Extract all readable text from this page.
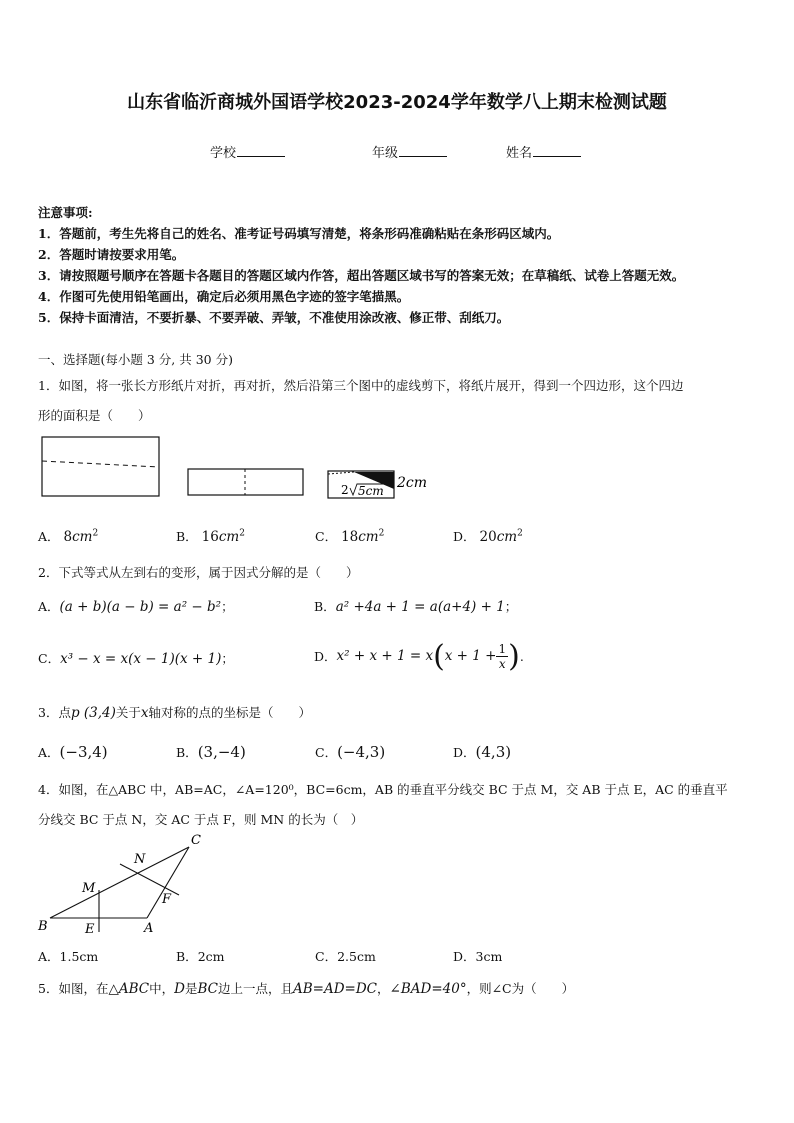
山东省临沂商城外国语学校2023-2024学年数学八上期末检测试题
学校	年级	姓名
注意事项:
1．答题前，考生先将自己的姓名、准考证号码填写清楚，将条形码准确粘贴在条形码区域内。
2．答题时请按要求用笔。
3．请按照题号顺序在答题卡各题目的答题区域内作答，超出答题区域书写的答案无效；在草稿纸、试卷上答题无效。
4．作图可先使用铅笔画出，确定后必须用黑色字迹的签字笔描黑。
5．保持卡面清洁，不要折暴、不要弄破、弄皱，不准使用涂改液、修正带、刮纸刀。
一、选择题(每小题 3 分, 共 30 分)
1．如图，将一张长方形纸片对折，再对折，然后沿第三个图中的虚线剪下，将纸片展开，得到一个四边形，这个四边
形的面积是（　　）
2cm
2 5cm
A． $8cm^2$	B． $16cm^2$	C． $18cm^2$	D． $20cm^2$
2．下式等式从左到右的变形，属于因式分解的是（　　）
A．(a + b)(a − b) = a² − b²；	B．a² +4a + 1 = a(a+4) + 1；
C．x³ − x = x(x − 1)(x + 1)；	D． x² + x + 1 = x ( $x + 1 + \frac{1}{x}$ ) .
3．点p (3,4)关于x轴对称的点的坐标是（　　）
A．(−3,4)	B．(3,−4)	C．(−4,3)	D．(4,3)
4．如图，在△ABC 中，AB=AC，∠A=120⁰，BC=6cm，AB 的垂直平分线交 BC 于点 M，交 AB 于点 E，AC 的垂直平
分线交 BC 于点 N，交 AC 于点 F，则 MN 的长为（　）
B	E	A
M
N
C
F
A．1.5cm	B．2cm	C．2.5cm	D．3cm
5．如图，在△ABC中，D是BC边上一点，且AB=AD=DC，∠BAD=40°，则∠C为（　　）
